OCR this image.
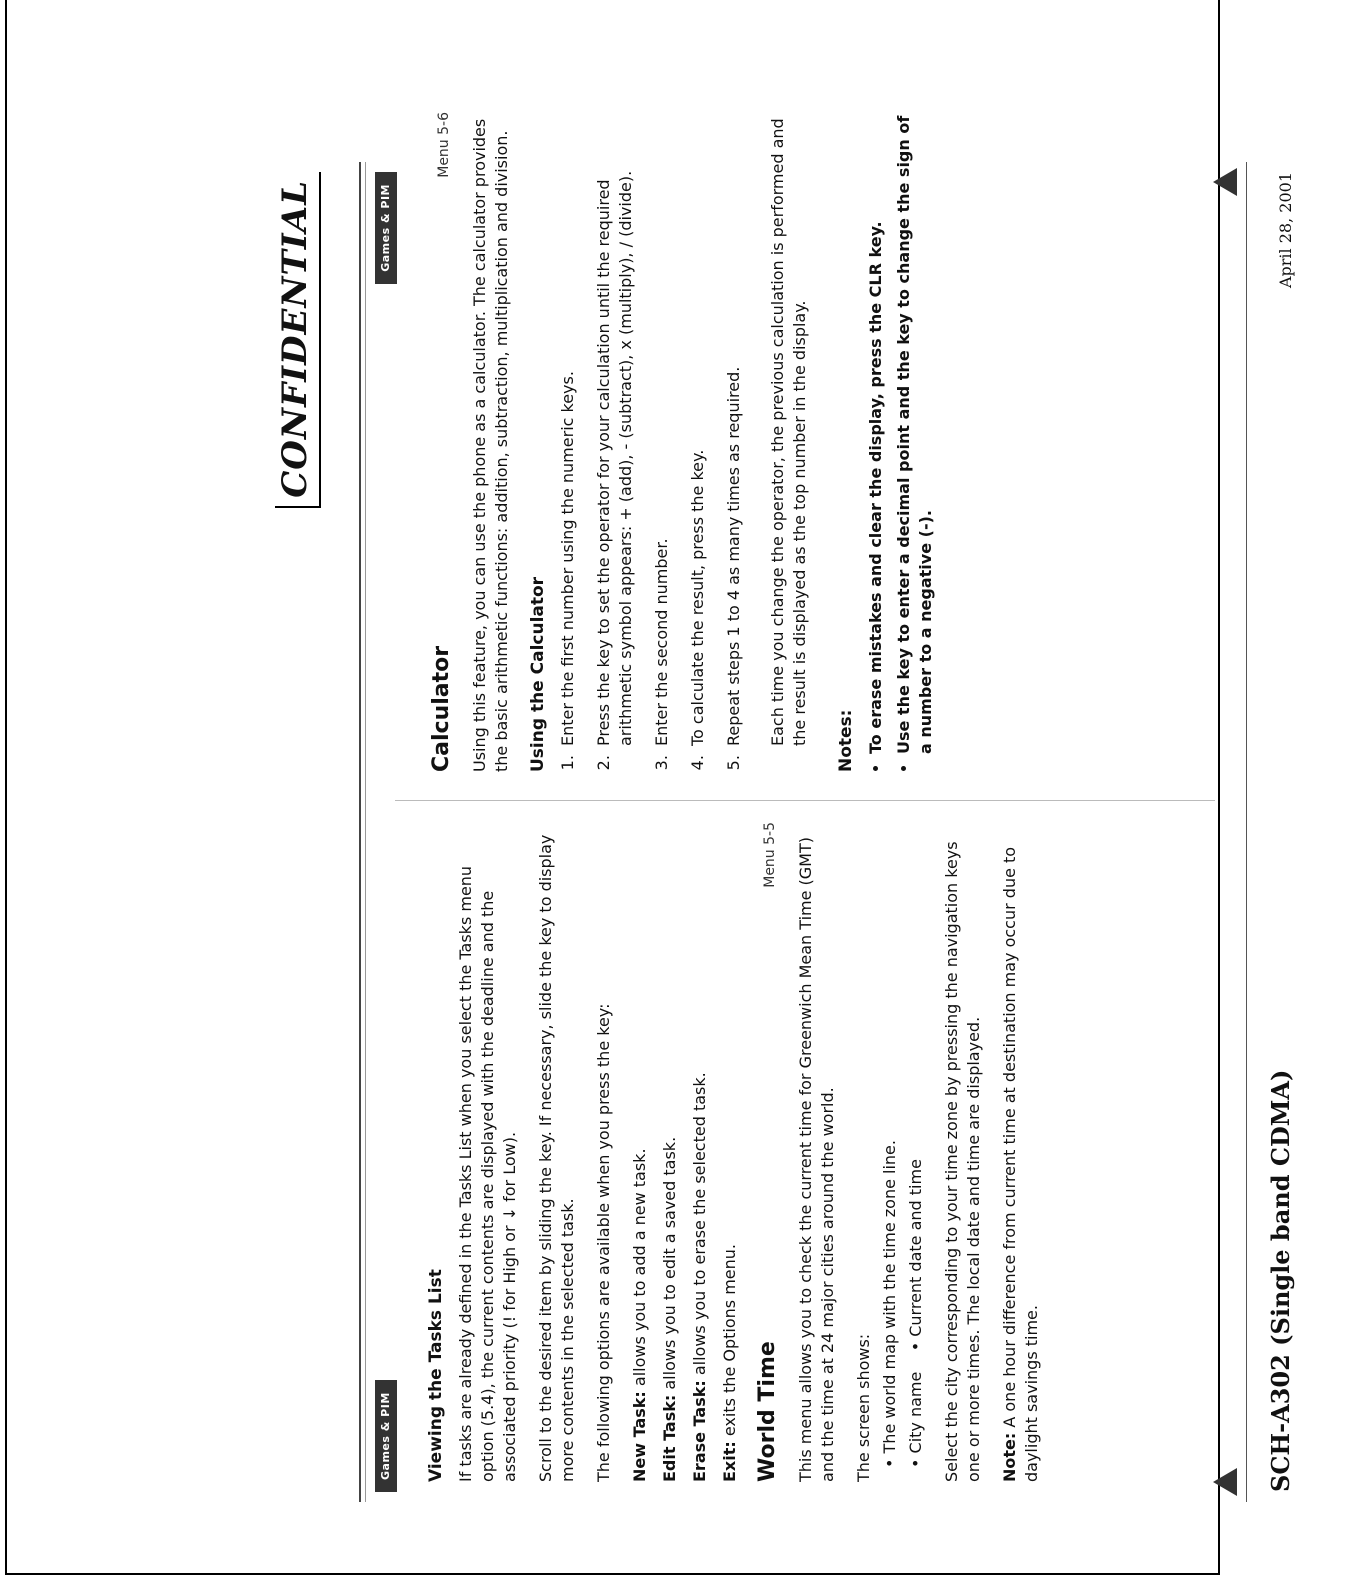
CONFIDENTIAL
Games & PIM
Games & PIM
Viewing the Tasks List If tasks are already defined in the Tasks List when you select the Tasks menu option (5.4), the current contents are displayed with the deadline and the associated priority (! for High or ↓ for Low). Scroll to the desired item by sliding the key. If necessary, slide the key to display more contents in the selected task. The following options are available when you press the key: New Task: allows you to add a new task.
Edit Task: allows you to edit a saved task.
Erase Task: allows you to erase the selected task.
Exit: exits the Options menu. World Time
Menu 5-5 This menu allows you to check the current time for Greenwich Mean Time (GMT) and the time at 24 major cities around the world. The screen shows: • The world map with the time zone line.
• City name    • Current date and time Select the city corresponding to your time zone by pressing the navigation keys one or more times. The local date and time are displayed. Note: A one hour difference from current time at destination may occur due to daylight savings time.

Calculator
Menu 5-6 Using this feature, you can use the phone as a calculator. The calculator provides the basic arithmetic functions: addition, subtraction, multiplication and division. Using the Calculator 1. Enter the first number using the numeric keys. 2. Press the key to set the operator for your calculation until the required arithmetic symbol appears: + (add), - (subtract), x (multiply), / (divide). 3. Enter the second number. 4. To calculate the result, press the key. 5. Repeat steps 1 to 4 as many times as required. Each time you change the operator, the previous calculation is performed and the result is displayed as the top number in the display. Notes: • To erase mistakes and clear the display, press the CLR key. • Use the key to enter a decimal point and the key to change the sign of a number to a negative (-).
SCH-A302 (Single band CDMA)
April 28, 2001
